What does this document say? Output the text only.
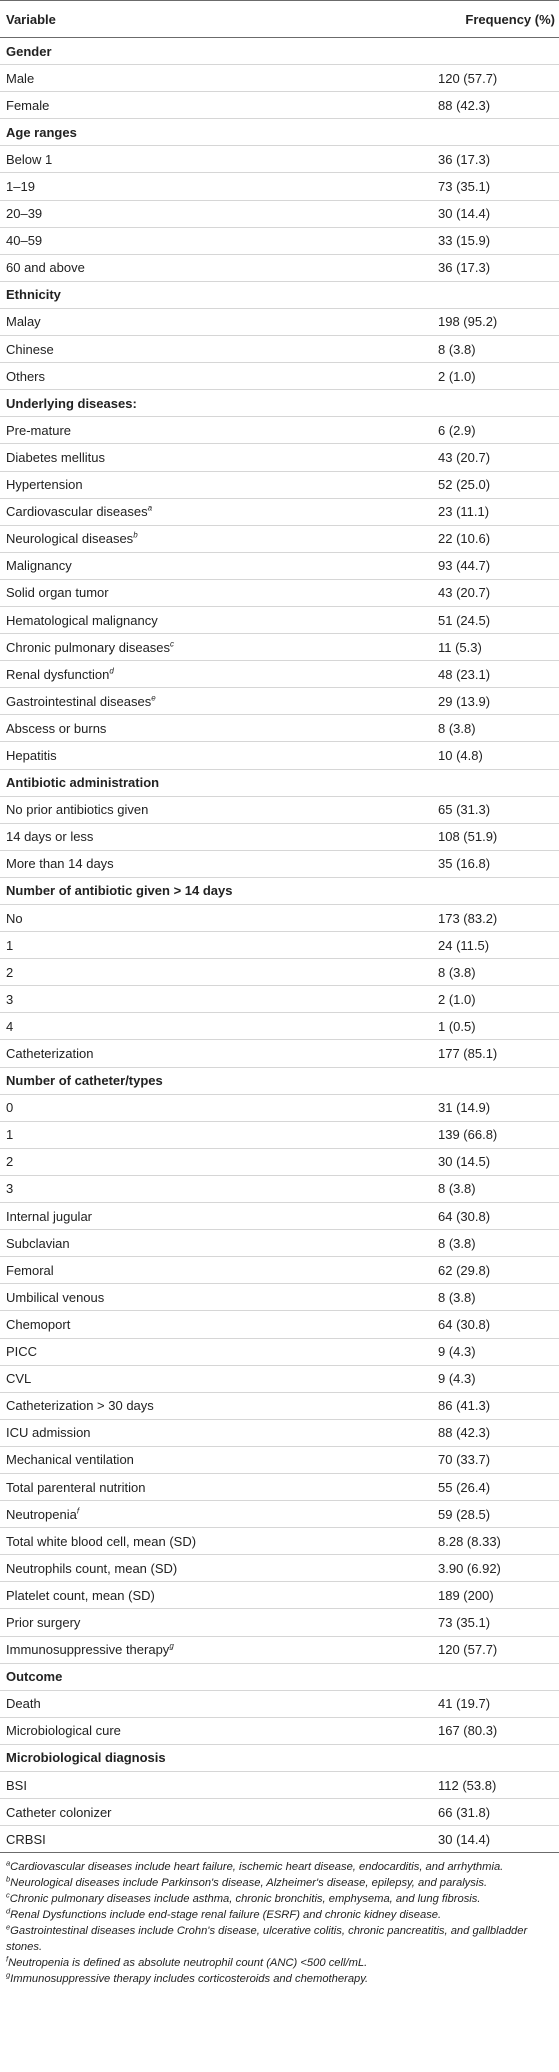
Variable	Frequency (%)
Gender	
Male	120 (57.7)
Female	88 (42.3)
Age ranges	
Below 1	36 (17.3)
1–19	73 (35.1)
20–39	30 (14.4)
40–59	33 (15.9)
60 and above	36 (17.3)
Ethnicity	
Malay	198 (95.2)
Chinese	8 (3.8)
Others	2 (1.0)
Underlying diseases:	
Pre-mature	6 (2.9)
Diabetes mellitus	43 (20.7)
Hypertension	52 (25.0)
Cardiovascular diseases$^a$	23 (11.1)
Neurological diseases$^b$	22 (10.6)
Malignancy	93 (44.7)
Solid organ tumor	43 (20.7)
Hematological malignancy	51 (24.5)
Chronic pulmonary diseases$^c$	11 (5.3)
Renal dysfunction$^d$	48 (23.1)
Gastrointestinal diseases$^e$	29 (13.9)
Abscess or burns	8 (3.8)
Hepatitis	10 (4.8)
Antibiotic administration	
No prior antibiotics given	65 (31.3)
14 days or less	108 (51.9)
More than 14 days	35 (16.8)
Number of antibiotic given > 14 days	
No	173 (83.2)
1	24 (11.5)
2	8 (3.8)
3	2 (1.0)
4	1 (0.5)
Catheterization	177 (85.1)
Number of catheter/types	
0	31 (14.9)
1	139 (66.8)
2	30 (14.5)
3	8 (3.8)
Internal jugular	64 (30.8)
Subclavian	8 (3.8)
Femoral	62 (29.8)
Umbilical venous	8 (3.8)
Chemoport	64 (30.8)
PICC	9 (4.3)
CVL	9 (4.3)
Catheterization > 30 days	86 (41.3)
ICU admission	88 (42.3)
Mechanical ventilation	70 (33.7)
Total parenteral nutrition	55 (26.4)
Neutropenia$^f$	59 (28.5)
Total white blood cell, mean (SD)	8.28 (8.33)
Neutrophils count, mean (SD)	3.90 (6.92)
Platelet count, mean (SD)	189 (200)
Prior surgery	73 (35.1)
Immunosuppressive therapy$^g$	120 (57.7)
Outcome	
Death	41 (19.7)
Microbiological cure	167 (80.3)
Microbiological diagnosis	
BSI	112 (53.8)
Catheter colonizer	66 (31.8)
CRBSI	30 (14.4)

$^a$Cardiovascular diseases include heart failure, ischemic heart disease, endocarditis, and arrhythmia.

$^b$Neurological diseases include Parkinson's disease, Alzheimer's disease, epilepsy, and paralysis.

$^c$Chronic pulmonary diseases include asthma, chronic bronchitis, emphysema, and lung fibrosis.

$^d$Renal Dysfunctions include end-stage renal failure (ESRF) and chronic kidney disease.

$^e$Gastrointestinal diseases include Crohn's disease, ulcerative colitis, chronic pancreatitis, and gallbladder stones.

$^f$Neutropenia is defined as absolute neutrophil count (ANC) <500 cell/mL.

$^g$Immunosuppressive therapy includes corticosteroids and chemotherapy.
